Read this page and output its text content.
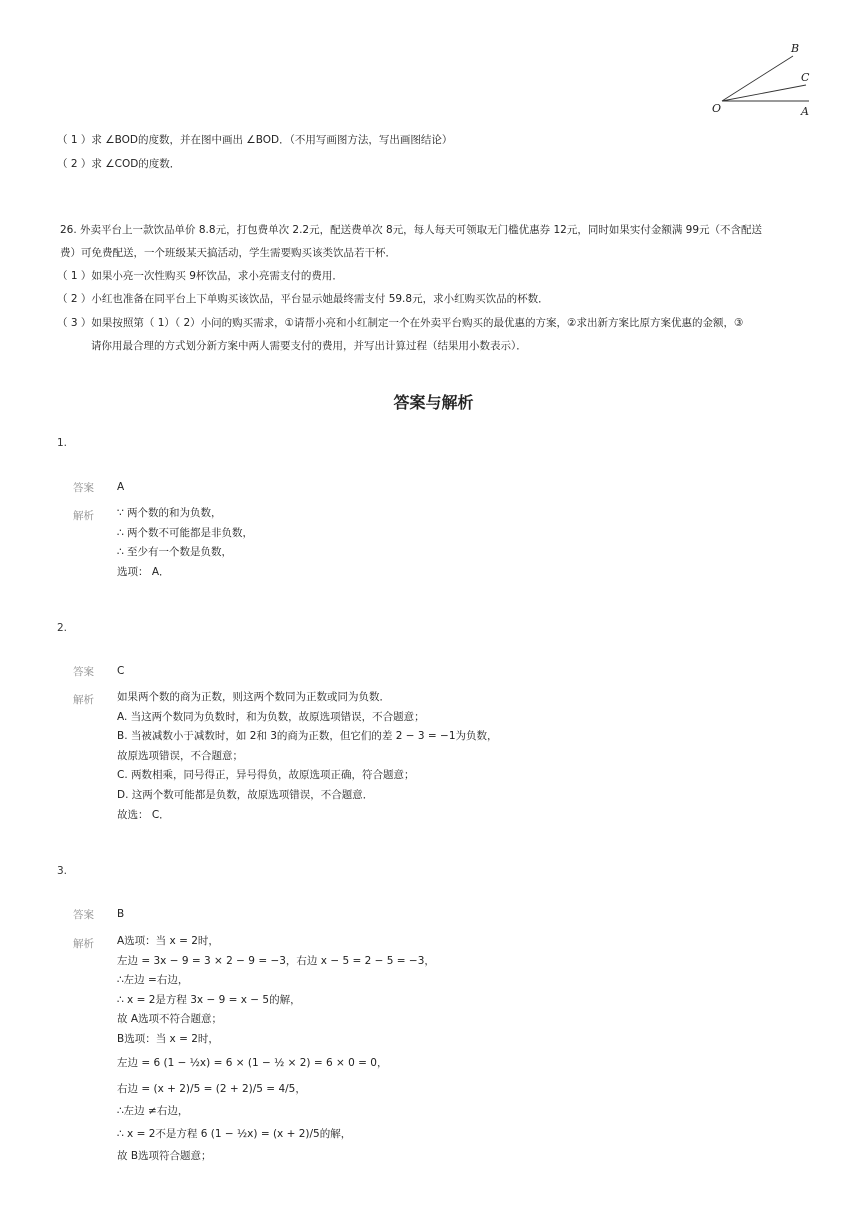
B
C
O	A
（ 1 ）求 ∠BOD的度数，并在图中画出 ∠BOD．（不用写画图方法，写出画图结论）
（ 2 ）求 ∠COD的度数．
26. 外卖平台上一款饮品单价 8.8元，打包费单次 2.2元，配送费单次 8元，每人每天可领取无门槛优惠券 12元，同时如果实付金额满 99元（不含配送
费）可免费配送，一个班级某天搞活动，学生需要购买该类饮品若干杯．
（ 1 ）如果小亮一次性购买 9杯饮品，求小亮需支付的费用．
（ 2 ）小红也准备在同平台上下单购买该饮品，平台显示她最终需支付 59.8元，求小红购买饮品的杯数．
（ 3 ）如果按照第（ 1）（ 2）小问的购买需求，①请帮小亮和小红制定一个在外卖平台购买的最优惠的方案，②求出新方案比原方案优惠的金额，③
请你用最合理的方式划分新方案中两人需要支付的费用，并写出计算过程（结果用小数表示）．
答案与解析
1.
答案 A
解析 ∵ 两个数的和为负数，
∴ 两个数不可能都是非负数，
∴ 至少有一个数是负数，
选项： A．
2.
答案 C
解析 如果两个数的商为正数，则这两个数同为正数或同为负数．
A. 当这两个数同为负数时，和为负数，故原选项错误，不合题意；
B. 当被减数小于减数时，如 2和 3的商为正数，但它们的差 2 − 3 = −1为负数，
故原选项错误，不合题意；
C. 两数相乘，同号得正，异号得负，故原选项正确，符合题意；
D. 这两个数可能都是负数，故原选项错误，不合题意．
故选： C．
3.
答案 B
解析 A选项：当 x = 2时，
左边 = 3x − 9 = 3 × 2 − 9 = −3，右边 x − 5 = 2 − 5 = −3，
∴左边 =右边，
∴ x = 2是方程 3x − 9 = x − 5的解，
故 A选项不符合题意；
B选项：当 x = 2时，
左边 = 6 (1 − ½x) = 6 × (1 − ½ × 2) = 6 × 0 = 0，
右边 = (x + 2)/5 = (2 + 2)/5 = 4/5，
∴左边 ≠右边，
∴ x = 2不是方程 6 (1 − ½x) = (x + 2)/5的解，
故 B选项符合题意；
